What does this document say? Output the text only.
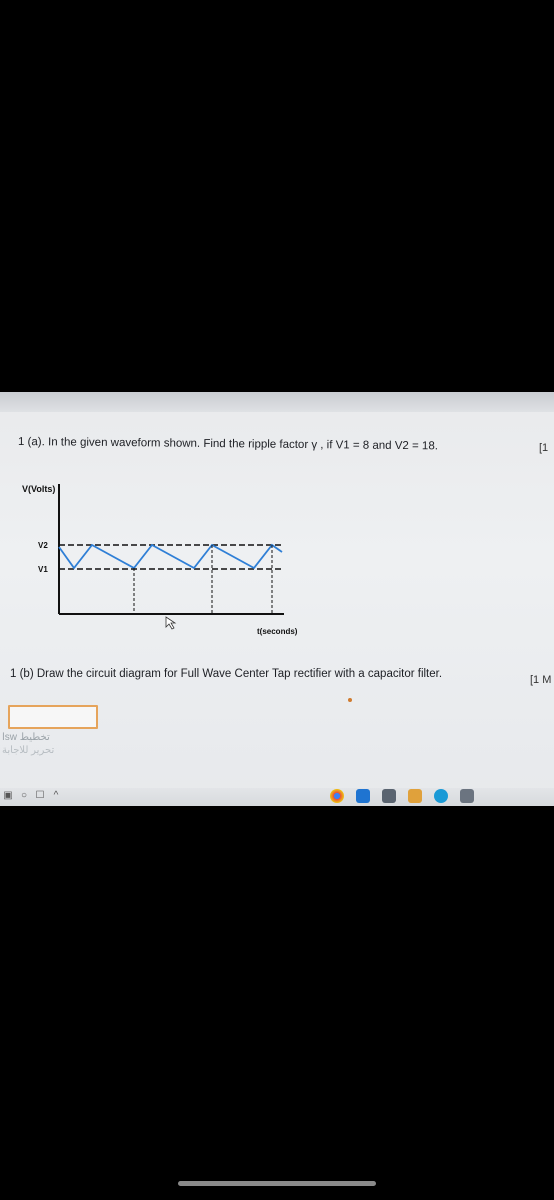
1 (a). In the given waveform shown. Find the ripple factor γ , if V1 = 8 and V2 = 18.	[1
V(Volts)
V2
V1
t(seconds)
1 (b) Draw the circuit diagram for Full Wave Center Tap rectifier with a capacitor filter.	[1 M
تخطيط swا
تحرير للاجابة
▣ ○ ☐ ^
